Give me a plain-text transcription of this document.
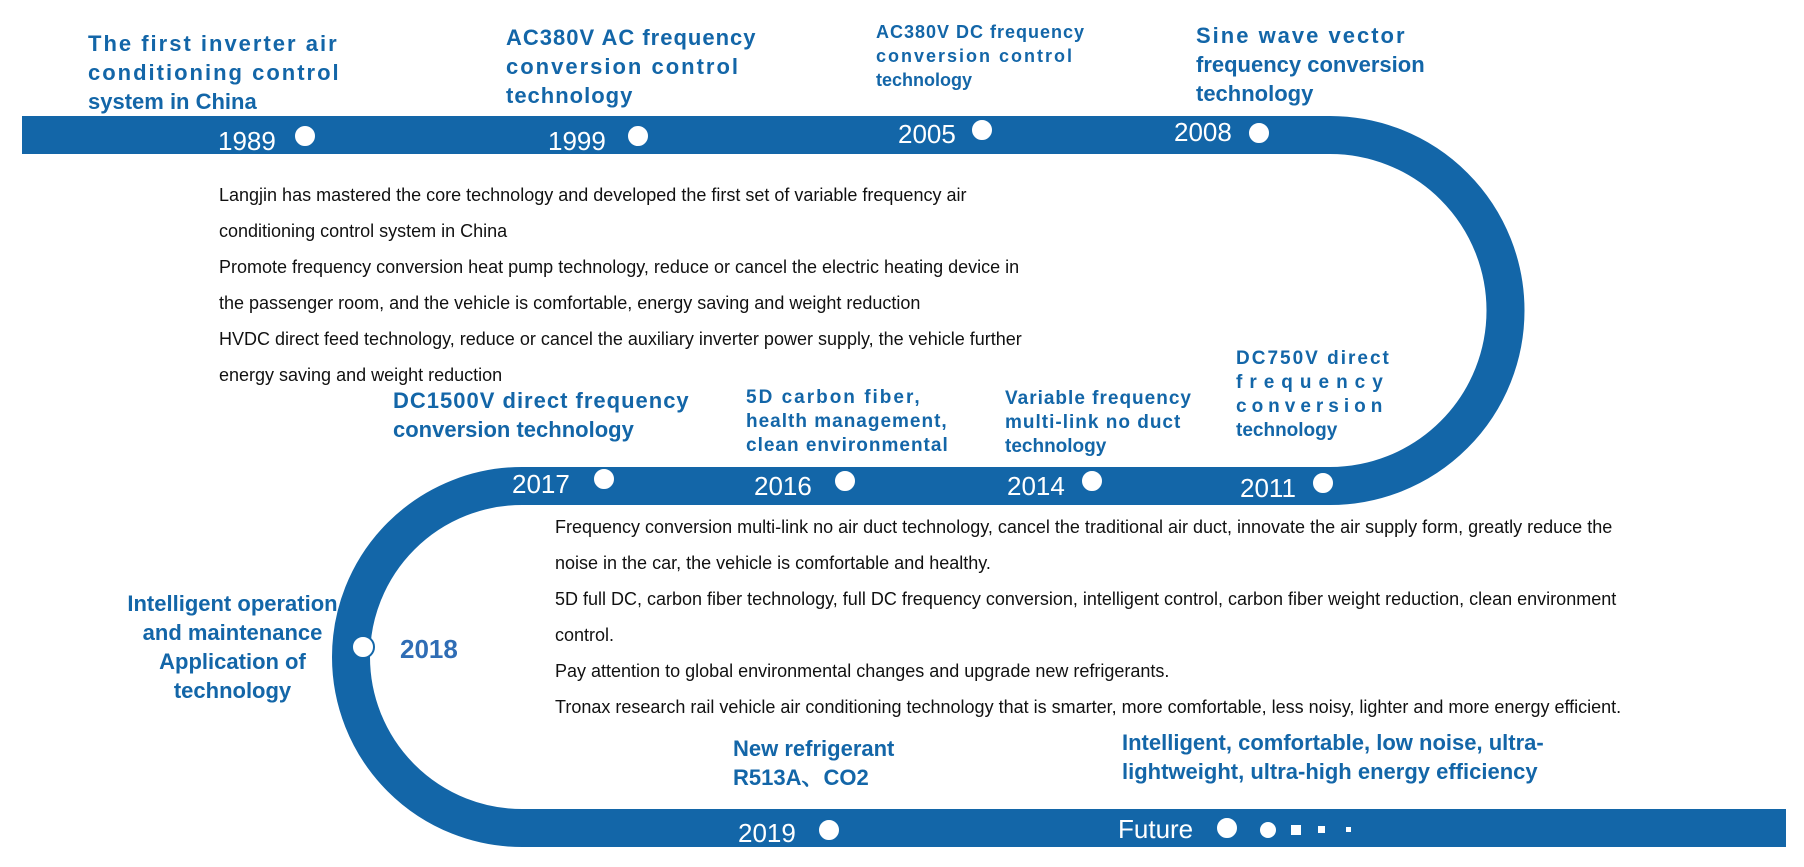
The first inverter air
conditioning control
system in China
AC380V AC frequency
conversion control
technology
AC380V DC frequency
conversion control
technology
Sine wave vector
frequency conversion
technology
DC750V direct
frequency
conversion
technology
Variable frequency
multi-link no duct
technology
5D carbon fiber,
health management,
clean environmental
DC1500V direct frequency
conversion technology
Intelligent operation
and maintenance
Application of
technology
New refrigerant
R513A、CO2
Intelligent, comfortable, low noise, ultra-
lightweight, ultra-high energy efficiency
1989	1999	2005	2008
2011
2014
2016
2017
2018
2019	Future
Langjin has mastered the core technology and developed the first set of variable frequency air
conditioning control system in China
Promote frequency conversion heat pump technology, reduce or cancel the electric heating device in
the passenger room, and the vehicle is comfortable, energy saving and weight reduction
HVDC direct feed technology, reduce or cancel the auxiliary inverter power supply, the vehicle further
energy saving and weight reduction
Frequency conversion multi-link no air duct technology, cancel the traditional air duct, innovate the air supply form, greatly reduce the
noise in the car, the vehicle is comfortable and healthy.
5D full DC, carbon fiber technology, full DC frequency conversion, intelligent control, carbon fiber weight reduction, clean environment
control.
Pay attention to global environmental changes and upgrade new refrigerants.
Tronax research rail vehicle air conditioning technology that is smarter, more comfortable, less noisy, lighter and more energy efficient.
